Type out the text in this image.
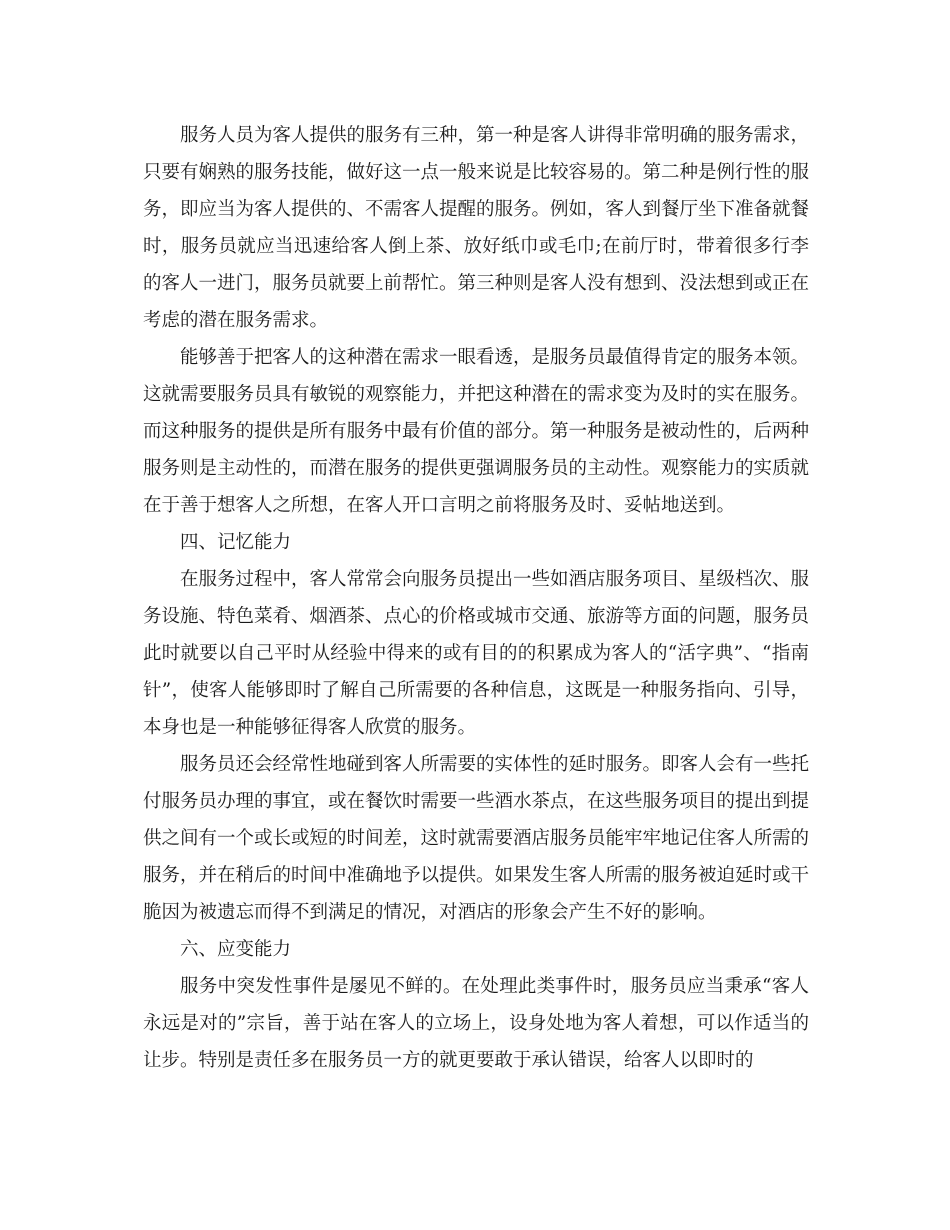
服务人员为客人提供的服务有三种，第一种是客人讲得非常明确的服务需求，只要有娴熟的服务技能，做好这一点一般来说是比较容易的。第二种是例行性的服务，即应当为客人提供的、不需客人提醒的服务。例如，客人到餐厅坐下准备就餐时，服务员就应当迅速给客人倒上茶、放好纸巾或毛巾;在前厅时，带着很多行李的客人一进门，服务员就要上前帮忙。第三种则是客人没有想到、没法想到或正在考虑的潜在服务需求。

能够善于把客人的这种潜在需求一眼看透，是服务员最值得肯定的服务本领。这就需要服务员具有敏锐的观察能力，并把这种潜在的需求变为及时的实在服务。而这种服务的提供是所有服务中最有价值的部分。第一种服务是被动性的，后两种服务则是主动性的，而潜在服务的提供更强调服务员的主动性。观察能力的实质就在于善于想客人之所想，在客人开口言明之前将服务及时、妥帖地送到。

四、记忆能力

在服务过程中，客人常常会向服务员提出一些如酒店服务项目、星级档次、服务设施、特色菜肴、烟酒茶、点心的价格或城市交通、旅游等方面的问题，服务员此时就要以自己平时从经验中得来的或有目的的积累成为客人的“活字典”、“指南针”，使客人能够即时了解自己所需要的各种信息，这既是一种服务指向、引导，本身也是一种能够征得客人欣赏的服务。

服务员还会经常性地碰到客人所需要的实体性的延时服务。即客人会有一些托付服务员办理的事宜，或在餐饮时需要一些酒水茶点，在这些服务项目的提出到提供之间有一个或长或短的时间差，这时就需要酒店服务员能牢牢地记住客人所需的服务，并在稍后的时间中准确地予以提供。如果发生客人所需的服务被迫延时或干脆因为被遗忘而得不到满足的情况，对酒店的形象会产生不好的影响。

六、应变能力

服务中突发性事件是屡见不鲜的。在处理此类事件时，服务员应当秉承“客人永远是对的”宗旨，善于站在客人的立场上，设身处地为客人着想，可以作适当的让步。特别是责任多在服务员一方的就更要敢于承认错误，给客人以即时的
